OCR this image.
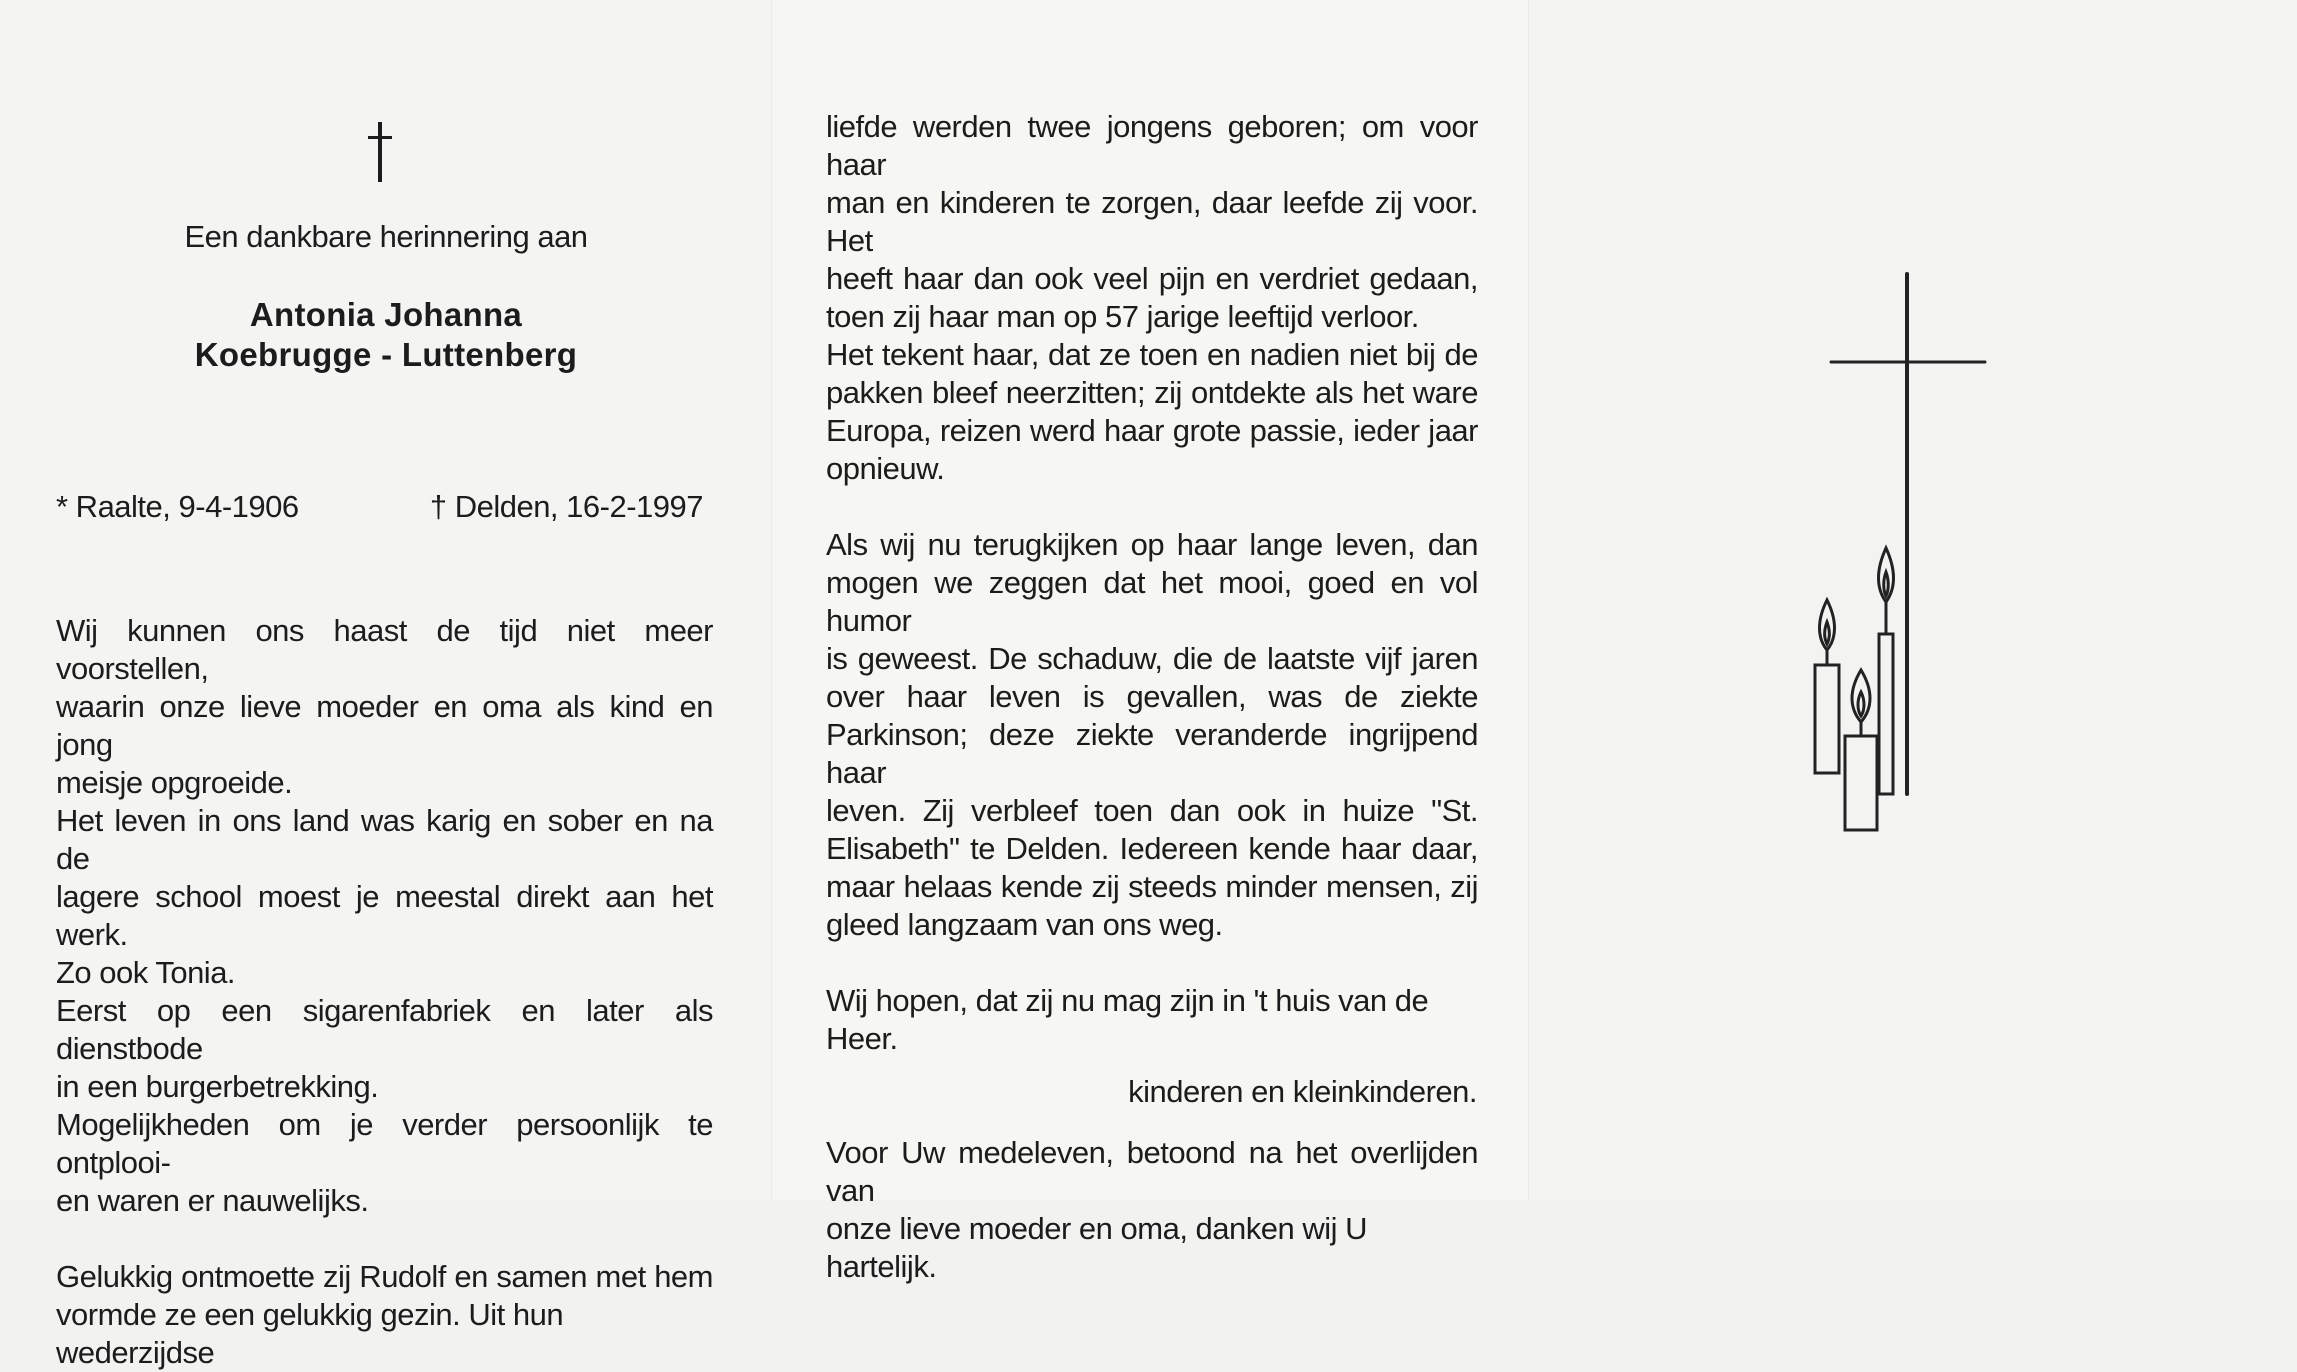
Een dankbare herinnering aan
Antonia Johanna
Koebrugge - Luttenberg
* Raalte, 9-4-1906	† Delden, 16-2-1997

Wij kunnen ons haast de tijd niet meer voorstellen,
waarin onze lieve moeder en oma als kind en jong
meisje opgroeide.

Het leven in ons land was karig en sober en na de
lagere school moest je meestal direkt aan het werk.
Zo ook Tonia.

Eerst op een sigarenfabriek en later als dienstbode
in een burgerbetrekking.

Mogelijkheden om je verder persoonlijk te ontplooi-
en waren er nauwelijks.

Gelukkig ontmoette zij Rudolf en samen met hem
vormde ze een gelukkig gezin. Uit hun wederzijdse

liefde werden twee jongens geboren; om voor haar
man en kinderen te zorgen, daar leefde zij voor. Het
heeft haar dan ook veel pijn en verdriet gedaan,
toen zij haar man op 57 jarige leeftijd verloor.

Het tekent haar, dat ze toen en nadien niet bij de
pakken bleef neerzitten; zij ontdekte als het ware
Europa, reizen werd haar grote passie, ieder jaar
opnieuw.

Als wij nu terugkijken op haar lange leven, dan
mogen we zeggen dat het mooi, goed en vol humor
is geweest. De schaduw, die de laatste vijf jaren
over haar leven is gevallen, was de ziekte
Parkinson; deze ziekte veranderde ingrijpend haar
leven. Zij verbleef toen dan ook in huize "St.
Elisabeth" te Delden. Iedereen kende haar daar,
maar helaas kende zij steeds minder mensen, zij
gleed langzaam van ons weg.

Wij hopen, dat zij nu mag zijn in 't huis van de Heer.

Voor Uw medeleven, betoond na het overlijden van
onze lieve moeder en oma, danken wij U hartelijk.

kinderen en kleinkinderen.
